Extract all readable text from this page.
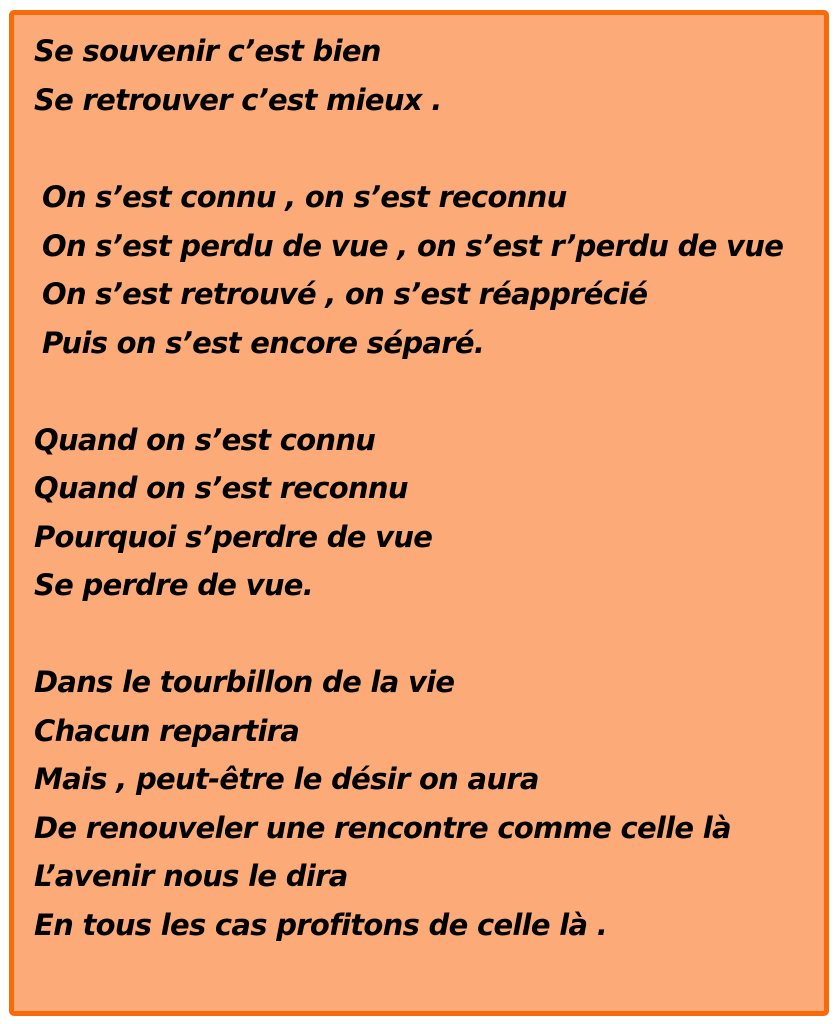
Se souvenir c’est bien

Se retrouver c’est mieux .

On s’est connu , on s’est reconnu

On s’est perdu de vue , on s’est r’perdu de vue

On s’est retrouvé , on s’est réapprécié

Puis on s’est encore séparé.

Quand on s’est connu

Quand on s’est reconnu

Pourquoi s’perdre de vue

Se perdre de vue.

Dans le tourbillon de la vie

Chacun repartira

Mais , peut-être le désir on aura

De renouveler une rencontre comme celle là

L’avenir nous le dira

En tous les cas profitons de celle là .
